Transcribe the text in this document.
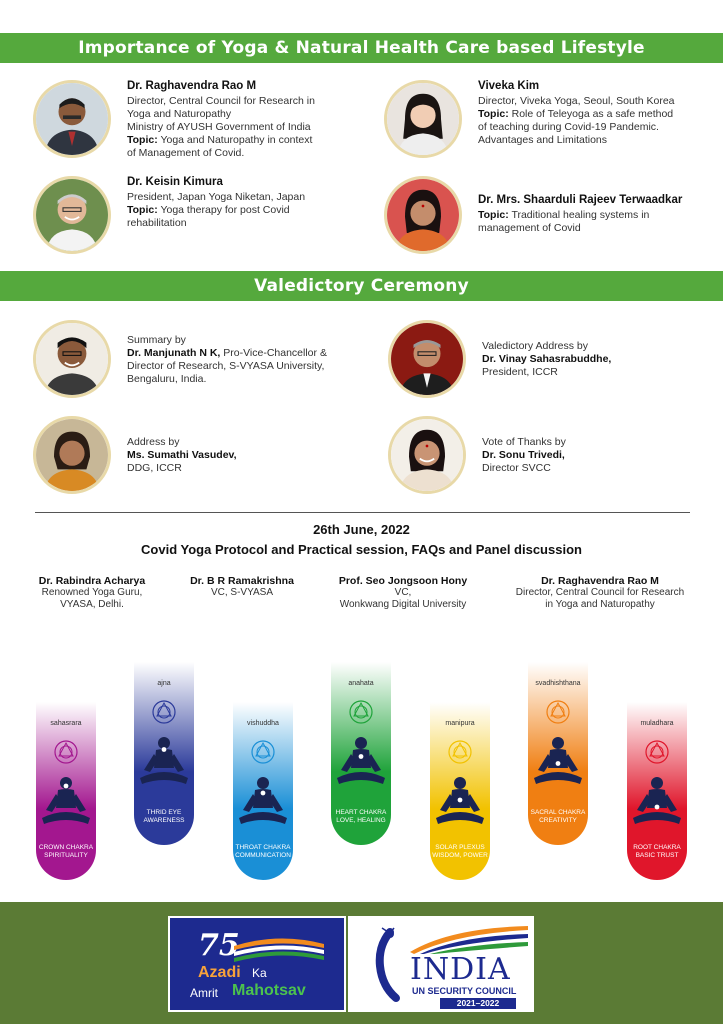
Importance of Yoga & Natural Health Care based Lifestyle
Dr. Raghavendra Rao M
Director, Central Council for Research in
Yoga and Naturopathy
Ministry of AYUSH Government of India
Topic: Yoga and Naturopathy in context
of Management of Covid.
Viveka Kim
Director, Viveka Yoga, Seoul, South Korea
Topic: Role of Teleyoga as a safe method
of teaching during Covid-19 Pandemic.
Advantages and Limitations
Dr. Keisin Kimura
President, Japan Yoga Niketan, Japan
Topic: Yoga therapy for post Covid
rehabilitation
Dr. Mrs. Shaarduli Rajeev Terwaadkar
Topic: Traditional healing systems in
management of Covid
Valedictory Ceremony
Summary by
Dr. Manjunath N K, Pro-Vice-Chancellor &
Director of Research, S-VYASA University,
Bengaluru, India.
Valedictory Address by
Dr. Vinay Sahasrabuddhe,
President, ICCR
Address by
Ms. Sumathi Vasudev,
DDG, ICCR
Vote of Thanks by
Dr. Sonu Trivedi,
Director SVCC
26th June, 2022
Covid Yoga Protocol and Practical session, FAQs and Panel discussion
Dr. Rabindra Acharya
Renowned Yoga Guru,
VYASA, Delhi.
Dr. B R Ramakrishna
VC, S-VYASA
Prof. Seo Jongsoon Hony
VC,
Wonkwang Digital University
Dr. Raghavendra Rao M
Director, Central Council for Research
in Yoga and Naturopathy
sahasrara
CROWN CHAKRA
SPIRITUALITY
ajna
THRID EYE
AWARENESS
vishuddha
THROAT CHAKRA
COMMUNICATION
anahata
HEART CHAKRA
LOVE, HEALING
manipura
SOLAR PLEXUS
WISDOM, POWER
svadhishthana
SACRAL CHAKRA
CREATIVITY
muladhara
ROOT CHAKRA
BASIC TRUST
75
Azadi Ka
Amrit Mahotsav
INDIA
UN SECURITY COUNCIL
2021–2022
